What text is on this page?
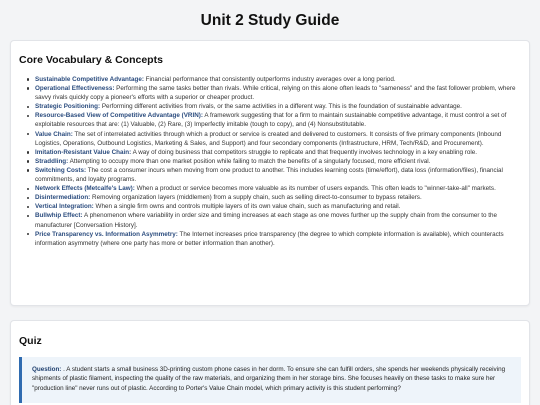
Unit 2 Study Guide
Core Vocabulary & Concepts
Sustainable Competitive Advantage: Financial performance that consistently outperforms industry averages over a long period.
Operational Effectiveness: Performing the same tasks better than rivals. While critical, relying on this alone often leads to "sameness" and the fast follower problem, where savvy rivals quickly copy a pioneer's efforts with a superior or cheaper product.
Strategic Positioning: Performing different activities from rivals, or the same activities in a different way. This is the foundation of sustainable advantage.
Resource-Based View of Competitive Advantage (VRIN): A framework suggesting that for a firm to maintain sustainable competitive advantage, it must control a set of exploitable resources that are: (1) Valuable, (2) Rare, (3) Imperfectly imitable (tough to copy), and (4) Nonsubstitutable.
Value Chain: The set of interrelated activities through which a product or service is created and delivered to customers. It consists of five primary components (Inbound Logistics, Operations, Outbound Logistics, Marketing & Sales, and Support) and four secondary components (Infrastructure, HRM, Tech/R&D, and Procurement).
Imitation-Resistant Value Chain: A way of doing business that competitors struggle to replicate and that frequently involves technology in a key enabling role.
Straddling: Attempting to occupy more than one market position while failing to match the benefits of a singularly focused, more efficient rival.
Switching Costs: The cost a consumer incurs when moving from one product to another. This includes learning costs (time/effort), data loss (information/files), financial commitments, and loyalty programs.
Network Effects (Metcalfe's Law): When a product or service becomes more valuable as its number of users expands. This often leads to "winner-take-all" markets.
Disintermediation: Removing organization layers (middlemen) from a supply chain, such as selling direct-to-consumer to bypass retailers.
Vertical Integration: When a single firm owns and controls multiple layers of its own value chain, such as manufacturing and retail.
Bullwhip Effect: A phenomenon where variability in order size and timing increases at each stage as one moves further up the supply chain from the consumer to the manufacturer [Conversation History].
Price Transparency vs. Information Asymmetry: The Internet increases price transparency (the degree to which complete information is available), which counteracts information asymmetry (where one party has more or better information than another).
Quiz
Question: . A student starts a small business 3D-printing custom phone cases in her dorm. To ensure she can fulfill orders, she spends her weekends physically receiving shipments of plastic filament, inspecting the quality of the raw materials, and organizing them in her storage bins. She focuses heavily on these tasks to make sure her "production line" never runs out of plastic. According to Porter's Value Chain model, which primary activity is this student performing?
